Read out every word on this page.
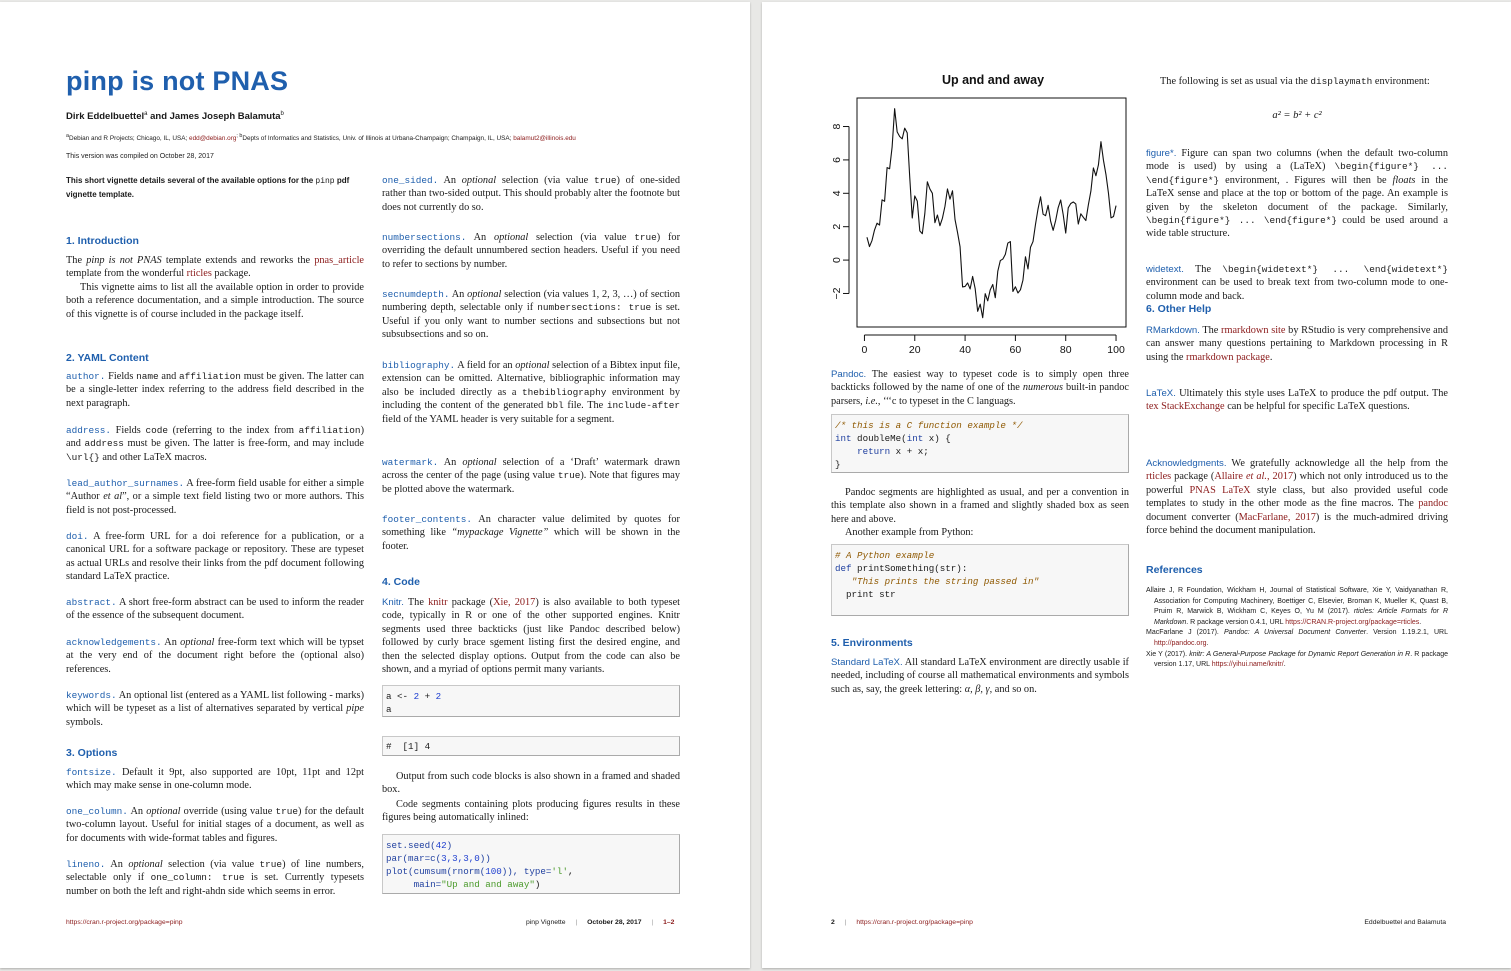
pinp is not PNAS
Dirk Eddelbuettel$^a$ and James Joseph Balamuta$^b$
$^a$Debian and R Projects; Chicago, IL, USA; edd@debian.org$^{; b}$Depts of Informatics and Statistics, Univ. of Illinois at Urbana-Champaign; Champaign, IL, USA; balamut2@illinois.edu
This version was compiled on October 28, 2017
This short vignette details several of the available options for the pinp pdf vignette template.
1. Introduction
The pinp is not PNAS template extends and reworks the pnas_article template from the wonderful rticles package.
This vignette aims to list all the available option in order to provide both a reference documentation, and a simple introduction. The source of this vignette is of course included in the package itself.
2. YAML Content
author. Fields name and affiliation must be given. The latter can be a single-letter index referring to the address field described in the next paragraph.
address. Fields code (referring to the index from affiliation) and address must be given. The latter is free-form, and may include \url{} and other LaTeX macros.
lead_author_surnames. A free-form field usable for either a simple “Author et al”, or a simple text field listing two or more authors. This field is not post-processed.
doi. A free-form URL for a doi reference for a publication, or a canonical URL for a software package or repository. These are typeset as actual URLs and resolve their links from the pdf document following standard LaTeX practice.
abstract. A short free-form abstract can be used to inform the reader of the essence of the subsequent document.
acknowledgements. An optional free-form text which will be typset at the very end of the document right before the (optional also) references.
keywords. An optional list (entered as a YAML list following - marks) which will be typeset as a list of alternatives separated by vertical pipe symbols.
3. Options
fontsize. Default it 9pt, also supported are 10pt, 11pt and 12pt which may make sense in one-column mode.
one_column. An optional override (using value true) for the default two-column layout. Useful for initial stages of a document, as well as for documents with wide-format tables and figures.
lineno. An optional selection (via value true) of line numbers, selectable only if one_column: true is set. Currently typesets number on both the left and right-ahdn side which seems in error.
one_sided. An optional selection (via value true) of one-sided rather than two-sided output. This should probably alter the footnote but does not currently do so.
numbersections. An optional selection (via value true) for overriding the default unnumbered section headers. Useful if you need to refer to sections by number.
secnumdepth. An optional selection (via values 1, 2, 3, …) of section numbering depth, selectable only if numbersections: true is set. Useful if you only want to number sections and subsections but not subsubsections and so on.
bibliography. A field for an optional selection of a Bibtex input file, extension can be omitted. Alternative, bibliographic information may also be included directly as a thebibliography environment by including the content of the generated bbl file. The include-after field of the YAML header is very suitable for a segment.
watermark. An optional selection of a ‘Draft’ watermark drawn across the center of the page (using value true). Note that figures may be plotted above the watermark.
footer_contents. An character value delimited by quotes for something like “mypackage Vignette” which will be shown in the footer.
4. Code
Knitr. The knitr package (Xie, 2017) is also available to both typeset code, typically in R or one of the other supported engines. Knitr segments used three backticks (just like Pandoc described below) followed by curly brace sgement listing first the desired engine, and then the selected display options. Output from the code can also be shown, and a myriad of options permit many variants.
a <- 2 + 2
a
#  [1] 4
Output from such code blocks is also shown in a framed and shaded box.
Code segments containing plots producing figures results in these figures being automatically inlined:
set.seed(42)
par(mar=c(3,3,3,0))
plot(cumsum(rnorm(100)), type='l',
main="Up and and away")
https://cran.r-project.org/package=pinp	pinp Vignette | October 28, 2017 | 1–2
Up and and away
0	20	40	60	80	100
−2
0
2
4
6
8
Pandoc. The easiest way to typeset code is to simply open three backticks followed by the name of one of the numerous built-in pandoc parsers, i.e., ‘‘‘c to typeset in the C languags.
/* this is a C function example */
int doubleMe(int x) {
return x + x;
}
Pandoc segments are highlighted as usual, and per a convention in this template also shown in a framed and slightly shaded box as seen here and above.
Another example from Python:
# A Python example
def printSomething(str):
"This prints the string passed in"
print str
5. Environments
Standard LaTeX. All standard LaTeX environment are directly usable if needed, including of course all mathematical environments and symbols such as, say, the greek lettering: α, β, γ, and so on.
The following is set as usual via the displaymath environment:
a² = b² + c²
figure*. Figure can span two columns (when the default two-column mode is used) by using a (LaTeX) \begin{figure*} ... \end{figure*} environment, . Figures will then be floats in the LaTeX sense and place at the top or bottom of the page. An example is given by the skeleton document of the package. Similarly, \begin{figure*} ... \end{figure*} could be used around a wide table structure.
widetext. The \begin{widetext*} ... \end{widetext*} environment can be used to break text from two-column mode to one-column mode and back.
6. Other Help
RMarkdown. The rmarkdown site by RStudio is very comprehensive and can answer many questions pertaining to Markdown processing in R using the rmarkdown package.
LaTeX. Ultimately this style uses LaTeX to produce the pdf output. The tex StackExchange can be helpful for specific LaTeX questions.
Acknowledgments. We gratefully acknowledge all the help from the rticles package (Allaire et al., 2017) which not only introduced us to the powerful PNAS LaTeX style class, but also provided useful code templates to study in the other mode as the fine macros. The pandoc document converter (MacFarlane, 2017) is the much-admired driving force behind the document manipulation.
References
Allaire J, R Foundation, Wickham H, Journal of Statistical Software, Xie Y, Vaidyanathan R, Association for Computing Machinery, Boettiger C, Elsevier, Broman K, Mueller K, Quast B, Pruim R, Marwick B, Wickham C, Keyes O, Yu M (2017). rticles: Article Formats for R Markdown. R package version 0.4.1, URL https://CRAN.R-project.org/package=rticles.
MacFarlane J (2017). Pandoc: A Universal Document Converter. Version 1.19.2.1, URL http://pandoc.org.
Xie Y (2017). knitr: A General-Purpose Package for Dynamic Report Generation in R. R package version 1.17, URL https://yihui.name/knitr/.
2 | https://cran.r-project.org/package=pinp	Eddelbuettel and Balamuta
